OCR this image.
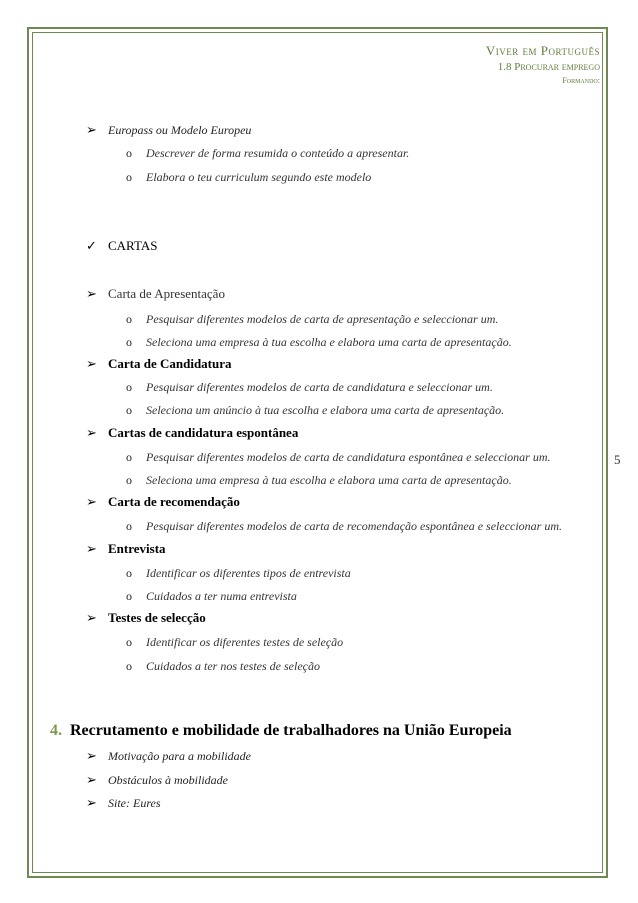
Viver em Português
1.8 Procurar emprego
Formando:
5
➢ Europass ou Modelo Europeu
o	Descrever de forma resumida o conteúdo a apresentar.
o	Elabora o teu curriculum segundo este modelo
✓ CARTAS
➢ Carta de Apresentação
o	Pesquisar diferentes modelos de carta de apresentação e seleccionar um.
o	Seleciona uma empresa à tua escolha e elabora uma carta de apresentação.
➢ Carta de Candidatura
o	Pesquisar diferentes modelos de carta de candidatura e seleccionar um.
o	Seleciona um anúncio à tua escolha e elabora uma carta de apresentação.
➢ Cartas de candidatura espontânea
o	Pesquisar diferentes modelos de carta de candidatura espontânea e seleccionar um.
o	Seleciona uma empresa à tua escolha e elabora uma carta de apresentação.
➢ Carta de recomendação
o	Pesquisar diferentes modelos de carta de recomendação espontânea e seleccionar um.
➢ Entrevista
o	Identificar os diferentes tipos de entrevista
o	Cuidados a ter numa entrevista
➢ Testes de selecção
o	Identificar os diferentes testes de seleção
o	Cuidados a ter nos testes de seleção
4. Recrutamento e mobilidade de trabalhadores na União Europeia
➢ Motivação para a mobilidade
➢ Obstáculos à mobilidade
➢ Site: Eures
